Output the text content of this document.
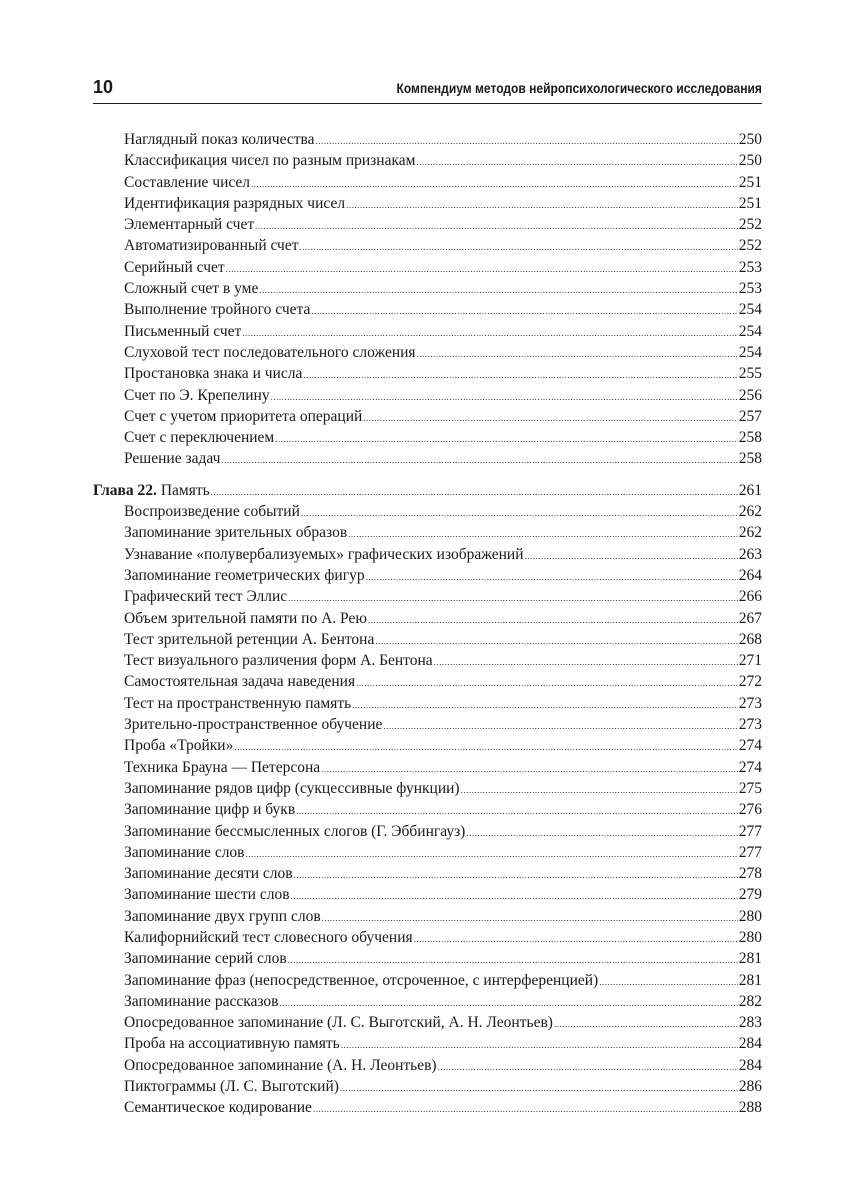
10	Компендиум методов нейропсихологического исследования
Наглядный показ количества .....	250
Классификация чисел по разным признакам .....	250
Составление чисел .....	251
Идентификация разрядных чисел .....	251
Элементарный счет .....	252
Автоматизированный счет .....	252
Серийный счет .....	253
Сложный счет в уме .....	253
Выполнение тройного счета .....	254
Письменный счет .....	254
Слуховой тест последовательного сложения .....	254
Простановка знака и числа .....	255
Счет по Э. Крепелину .....	256
Счет с учетом приоритета операций .....	257
Счет с переключением .....	258
Решение задач .....	258
Глава 22. Память .....	261
Воспроизведение событий .....	262
Запоминание зрительных образов .....	262
Узнавание «полувербализуемых» графических изображений .....	263
Запоминание геометрических фигур .....	264
Графический тест Эллис .....	266
Объем зрительной памяти по А. Рею .....	267
Тест зрительной ретенции А. Бентона .....	268
Тест визуального различения форм А. Бентона .....	271
Самостоятельная задача наведения .....	272
Тест на пространственную память .....	273
Зрительно-пространственное обучение .....	273
Проба «Тройки» .....	274
Техника Брауна — Петерсона .....	274
Запоминание рядов цифр (сукцессивные функции) .....	275
Запоминание цифр и букв .....	276
Запоминание бессмысленных слогов (Г. Эббингауз) .....	277
Запоминание слов .....	277
Запоминание десяти слов .....	278
Запоминание шести слов .....	279
Запоминание двух групп слов .....	280
Калифорнийский тест словесного обучения .....	280
Запоминание серий слов .....	281
Запоминание фраз (непосредственное, отсроченное, с интерференцией) .....	281
Запоминание рассказов .....	282
Опосредованное запоминание (Л. С. Выготский, А. Н. Леонтьев) .....	283
Проба на ассоциативную память .....	284
Опосредованное запоминание (А. Н. Леонтьев) .....	284
Пиктограммы (Л. С. Выготский) .....	286
Семантическое кодирование .....	288
